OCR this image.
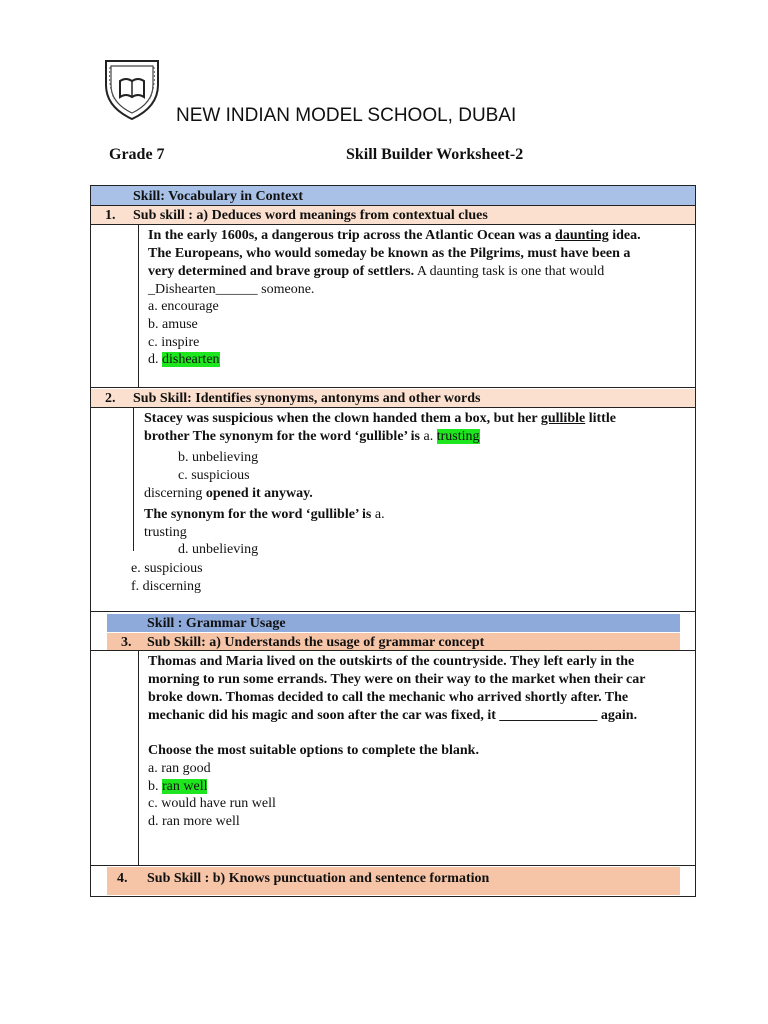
NEW INDIAN MODEL SCHOOL, DUBAI
Grade 7	Skill Builder Worksheet-2
Skill: Vocabulary in Context
1. Sub skill : a) Deduces word meanings from contextual clues
In the early 1600s, a dangerous trip across the Atlantic Ocean was a daunting idea.
The Europeans, who would someday be known as the Pilgrims, must have been a
very determined and brave group of settlers. A daunting task is one that would
_Dishearten______ someone.
a. encourage
b. amuse
c. inspire
d. dishearten
2. Sub Skill: Identifies synonyms, antonyms and other words
Stacey was suspicious when the clown handed them a box, but her gullible little
brother The synonym for the word ‘gullible’ is a. trusting
b. unbelieving
c. suspicious
discerning opened it anyway.
The synonym for the word ‘gullible’ is a.
trusting
d. unbelieving
e. suspicious
f. discerning
Skill : Grammar Usage
3. Sub Skill: a) Understands the usage of grammar concept
Thomas and Maria lived on the outskirts of the countryside. They left early in the
morning to run some errands. They were on their way to the market when their car
broke down. Thomas decided to call the mechanic who arrived shortly after. The
mechanic did his magic and soon after the car was fixed, it ______________ again.
Choose the most suitable options to complete the blank.
a. ran good
b. ran well
c. would have run well
d. ran more well
4. Sub Skill : b) Knows punctuation and sentence formation
